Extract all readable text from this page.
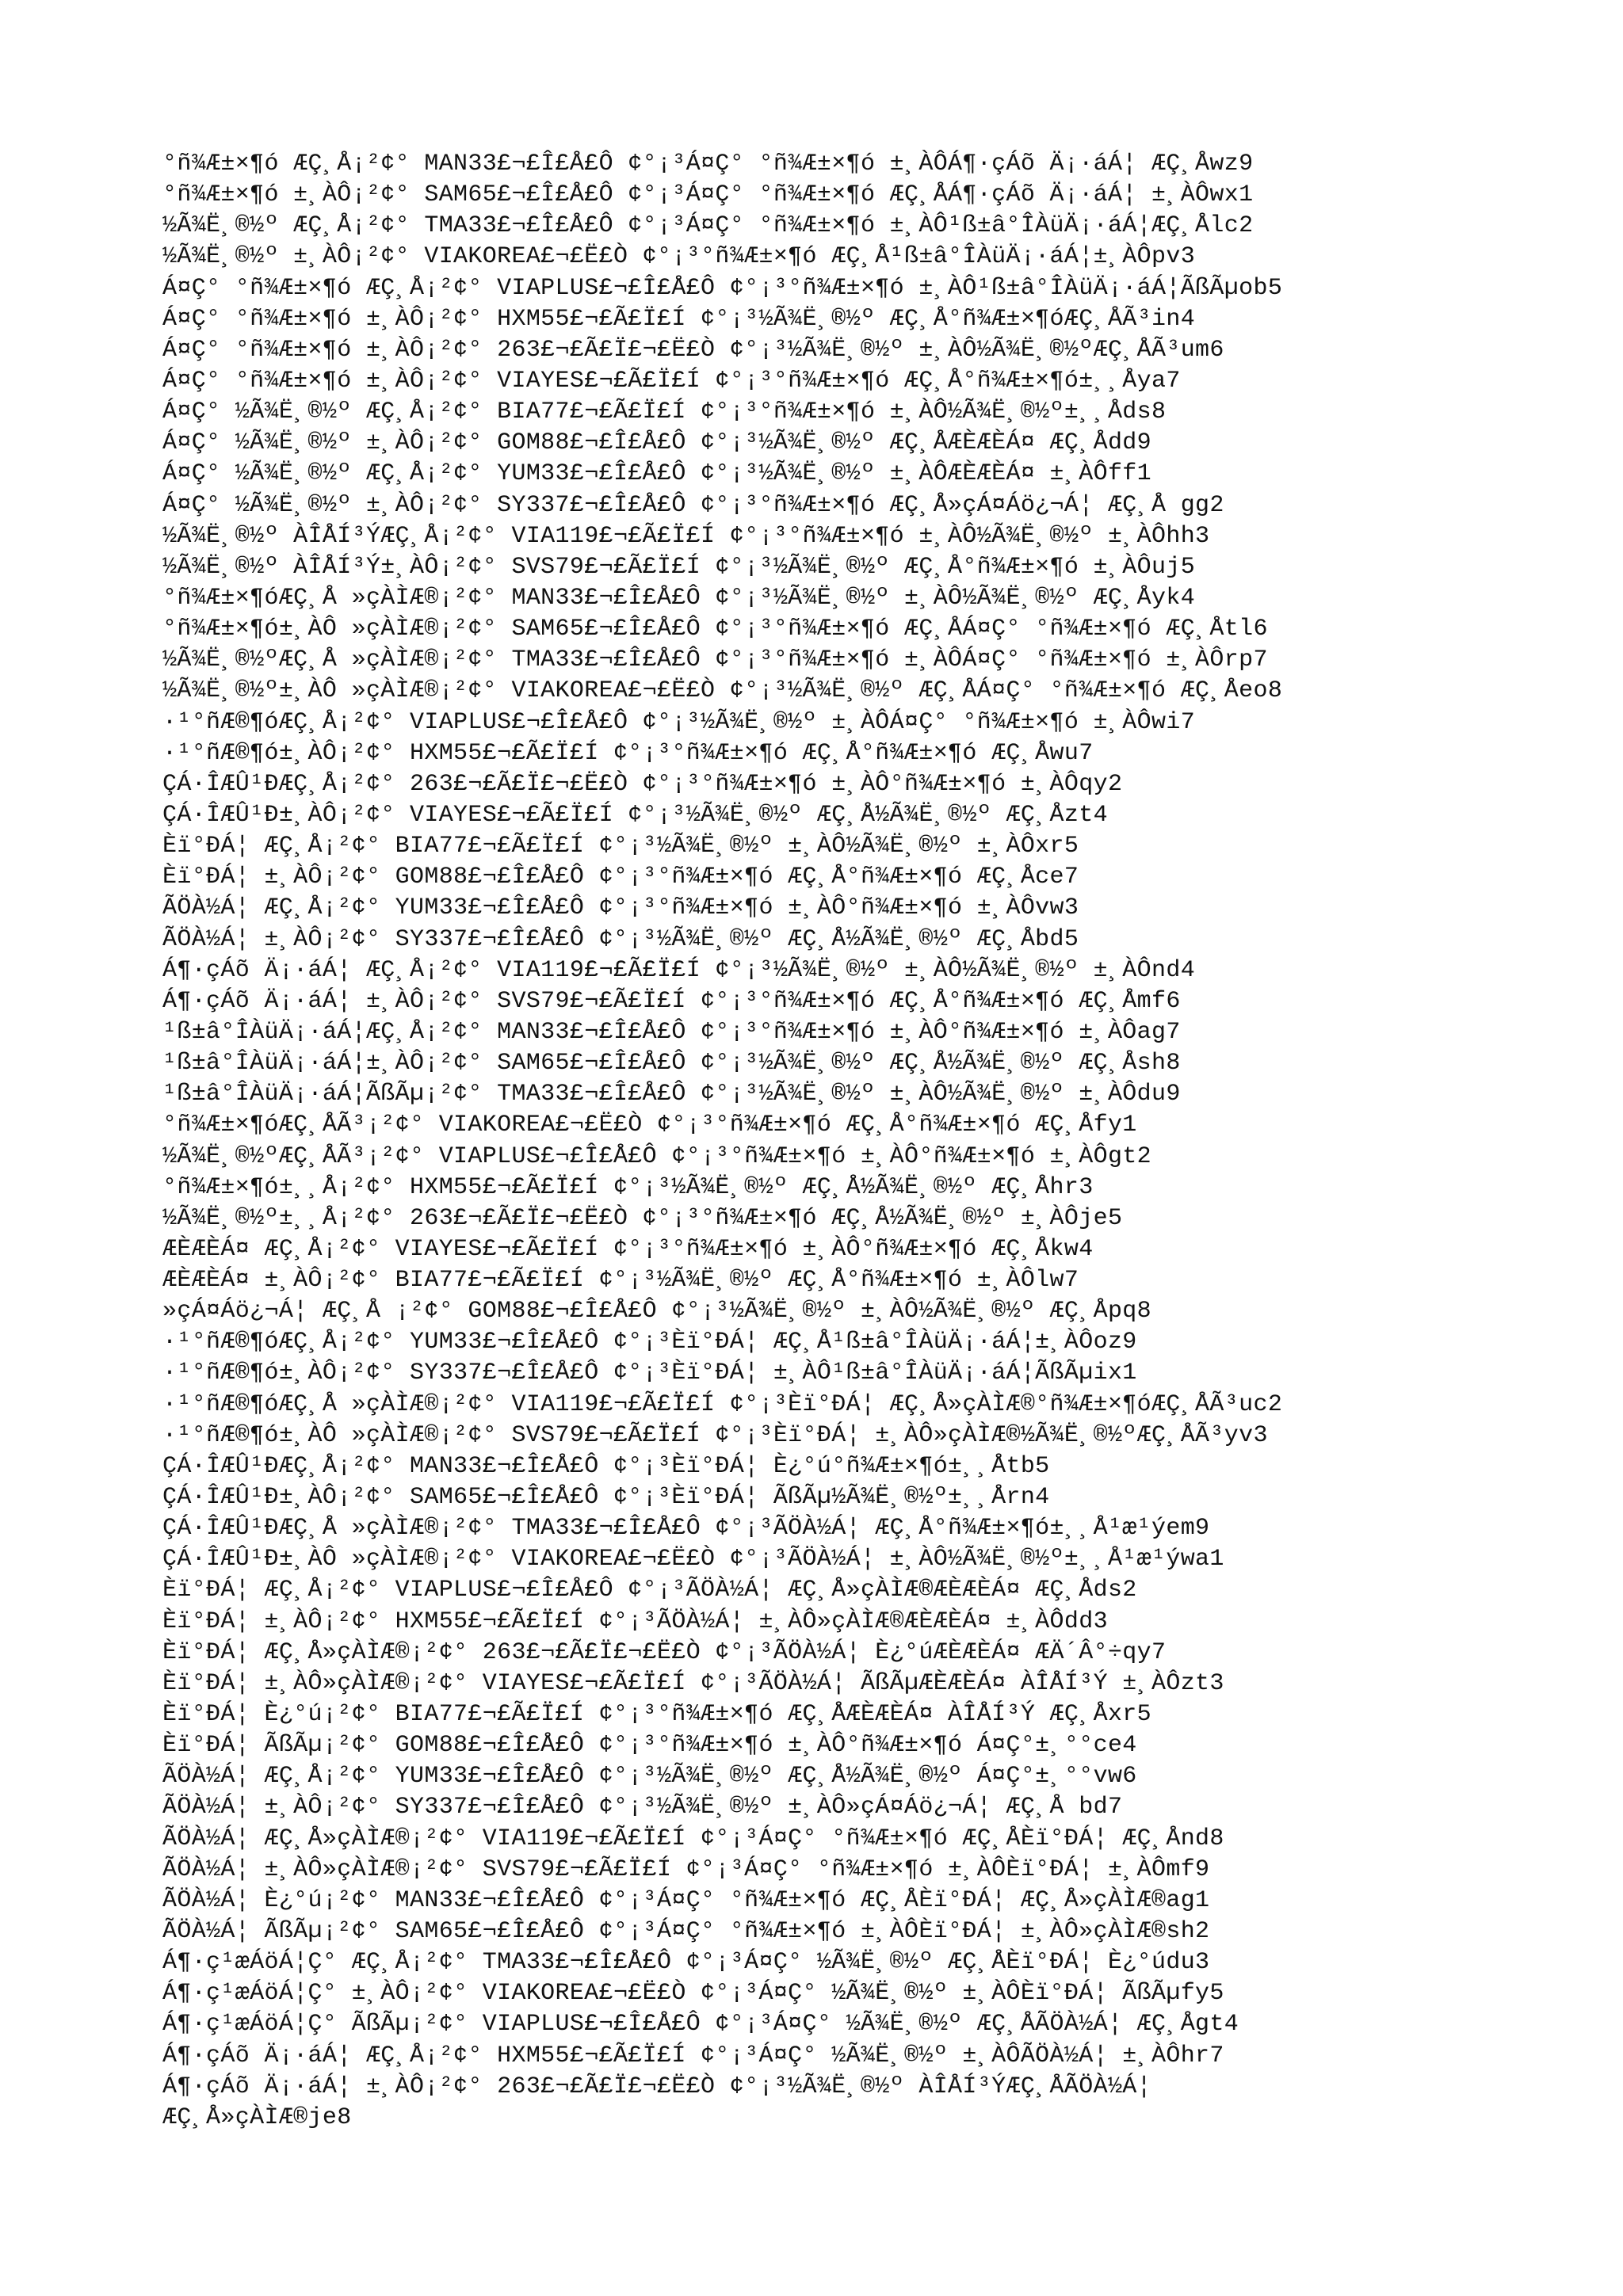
°ñ¾Æ±×¶ó ÆÇ¸Å¡²¢° MAN33£¬£Î£Å£Ô ¢°¡³Á¤Ç° °ñ¾Æ±×¶ó ±¸ÀÔÁ¶·çÁõ Ä¡·áÁ¦ ÆÇ¸Åwz9
°ñ¾Æ±×¶ó ±¸ÀÔ¡²¢° SAM65£¬£Î£Å£Ô ¢°¡³Á¤Ç° °ñ¾Æ±×¶ó ÆÇ¸ÅÁ¶·çÁõ Ä¡·áÁ¦ ±¸ÀÔwx1
½Ã¾Ë¸®½º ÆÇ¸Å¡²¢° TMA33£¬£Î£Å£Ô ¢°¡³Á¤Ç° °ñ¾Æ±×¶ó ±¸ÀÔ¹ß±â°ÎÀüÄ¡·áÁ¦ÆÇ¸Ålc2
½Ã¾Ë¸®½º ±¸ÀÔ¡²¢° VIAKOREA£¬£Ë£Ò ¢°¡³°ñ¾Æ±×¶ó ÆÇ¸Å¹ß±â°ÎÀüÄ¡·áÁ¦±¸ÀÔpv3
Á¤Ç° °ñ¾Æ±×¶ó ÆÇ¸Å¡²¢° VIAPLUS£¬£Î£Å£Ô ¢°¡³°ñ¾Æ±×¶ó ±¸ÀÔ¹ß±â°ÎÀüÄ¡·áÁ¦ÃßÃµob5
Á¤Ç° °ñ¾Æ±×¶ó ±¸ÀÔ¡²¢° HXM55£¬£Ã£Ï£Í ¢°¡³½Ã¾Ë¸®½º ÆÇ¸Å°ñ¾Æ±×¶óÆÇ¸ÅÃ³in4
Á¤Ç° °ñ¾Æ±×¶ó ±¸ÀÔ¡²¢° 263£¬£Ã£Ï£¬£Ë£Ò ¢°¡³½Ã¾Ë¸®½º ±¸ÀÔ½Ã¾Ë¸®½ºÆÇ¸ÅÃ³um6
Á¤Ç° °ñ¾Æ±×¶ó ±¸ÀÔ¡²¢° VIAYES£¬£Ã£Ï£Í ¢°¡³°ñ¾Æ±×¶ó ÆÇ¸Å°ñ¾Æ±×¶ó±¸¸Åya7
Á¤Ç° ½Ã¾Ë¸®½º ÆÇ¸Å¡²¢° BIA77£¬£Ã£Ï£Í ¢°¡³°ñ¾Æ±×¶ó ±¸ÀÔ½Ã¾Ë¸®½º±¸¸Åds8
Á¤Ç° ½Ã¾Ë¸®½º ±¸ÀÔ¡²¢° GOM88£¬£Î£Å£Ô ¢°¡³½Ã¾Ë¸®½º ÆÇ¸ÅÆÈÆÈÁ¤ ÆÇ¸Ådd9
Á¤Ç° ½Ã¾Ë¸®½º ÆÇ¸Å¡²¢° YUM33£¬£Î£Å£Ô ¢°¡³½Ã¾Ë¸®½º ±¸ÀÔÆÈÆÈÁ¤ ±¸ÀÔff1
Á¤Ç° ½Ã¾Ë¸®½º ±¸ÀÔ¡²¢° SY337£¬£Î£Å£Ô ¢°¡³°ñ¾Æ±×¶ó ÆÇ¸Å»çÁ¤Áö¿¬Á¦ ÆÇ¸Å gg2
½Ã¾Ë¸®½º ÀÎÅÍ³ÝÆÇ¸Å¡²¢° VIA119£¬£Ã£Ï£Í ¢°¡³°ñ¾Æ±×¶ó ±¸ÀÔ½Ã¾Ë¸®½º ±¸ÀÔhh3
½Ã¾Ë¸®½º ÀÎÅÍ³Ý±¸ÀÔ¡²¢° SVS79£¬£Ã£Ï£Í ¢°¡³½Ã¾Ë¸®½º ÆÇ¸Å°ñ¾Æ±×¶ó ±¸ÀÔuj5
°ñ¾Æ±×¶óÆÇ¸Å »çÀÌÆ®¡²¢° MAN33£¬£Î£Å£Ô ¢°¡³½Ã¾Ë¸®½º ±¸ÀÔ½Ã¾Ë¸®½º ÆÇ¸Åyk4
°ñ¾Æ±×¶ó±¸ÀÔ »çÀÌÆ®¡²¢° SAM65£¬£Î£Å£Ô ¢°¡³°ñ¾Æ±×¶ó ÆÇ¸ÅÁ¤Ç° °ñ¾Æ±×¶ó ÆÇ¸Åtl6
½Ã¾Ë¸®½ºÆÇ¸Å »çÀÌÆ®¡²¢° TMA33£¬£Î£Å£Ô ¢°¡³°ñ¾Æ±×¶ó ±¸ÀÔÁ¤Ç° °ñ¾Æ±×¶ó ±¸ÀÔrp7
½Ã¾Ë¸®½º±¸ÀÔ »çÀÌÆ®¡²¢° VIAKOREA£¬£Ë£Ò ¢°¡³½Ã¾Ë¸®½º ÆÇ¸ÅÁ¤Ç° °ñ¾Æ±×¶ó ÆÇ¸Åeo8
·¹°ñÆ®¶óÆÇ¸Å¡²¢° VIAPLUS£¬£Î£Å£Ô ¢°¡³½Ã¾Ë¸®½º ±¸ÀÔÁ¤Ç° °ñ¾Æ±×¶ó ±¸ÀÔwi7
·¹°ñÆ®¶ó±¸ÀÔ¡²¢° HXM55£¬£Ã£Ï£Í ¢°¡³°ñ¾Æ±×¶ó ÆÇ¸Å°ñ¾Æ±×¶ó ÆÇ¸Åwu7
ÇÁ·ÎÆÛ¹ÐÆÇ¸Å¡²¢° 263£¬£Ã£Ï£¬£Ë£Ò ¢°¡³°ñ¾Æ±×¶ó ±¸ÀÔ°ñ¾Æ±×¶ó ±¸ÀÔqy2
ÇÁ·ÎÆÛ¹Ð±¸ÀÔ¡²¢° VIAYES£¬£Ã£Ï£Í ¢°¡³½Ã¾Ë¸®½º ÆÇ¸Å½Ã¾Ë¸®½º ÆÇ¸Åzt4
Èï°ÐÁ¦ ÆÇ¸Å¡²¢° BIA77£¬£Ã£Ï£Í ¢°¡³½Ã¾Ë¸®½º ±¸ÀÔ½Ã¾Ë¸®½º ±¸ÀÔxr5
Èï°ÐÁ¦ ±¸ÀÔ¡²¢° GOM88£¬£Î£Å£Ô ¢°¡³°ñ¾Æ±×¶ó ÆÇ¸Å°ñ¾Æ±×¶ó ÆÇ¸Åce7
ÃÖÀ½Á¦ ÆÇ¸Å¡²¢° YUM33£¬£Î£Å£Ô ¢°¡³°ñ¾Æ±×¶ó ±¸ÀÔ°ñ¾Æ±×¶ó ±¸ÀÔvw3
ÃÖÀ½Á¦ ±¸ÀÔ¡²¢° SY337£¬£Î£Å£Ô ¢°¡³½Ã¾Ë¸®½º ÆÇ¸Å½Ã¾Ë¸®½º ÆÇ¸Åbd5
Á¶·çÁõ Ä¡·áÁ¦ ÆÇ¸Å¡²¢° VIA119£¬£Ã£Ï£Í ¢°¡³½Ã¾Ë¸®½º ±¸ÀÔ½Ã¾Ë¸®½º ±¸ÀÔnd4
Á¶·çÁõ Ä¡·áÁ¦ ±¸ÀÔ¡²¢° SVS79£¬£Ã£Ï£Í ¢°¡³°ñ¾Æ±×¶ó ÆÇ¸Å°ñ¾Æ±×¶ó ÆÇ¸Åmf6
¹ß±â°ÎÀüÄ¡·áÁ¦ÆÇ¸Å¡²¢° MAN33£¬£Î£Å£Ô ¢°¡³°ñ¾Æ±×¶ó ±¸ÀÔ°ñ¾Æ±×¶ó ±¸ÀÔag7
¹ß±â°ÎÀüÄ¡·áÁ¦±¸ÀÔ¡²¢° SAM65£¬£Î£Å£Ô ¢°¡³½Ã¾Ë¸®½º ÆÇ¸Å½Ã¾Ë¸®½º ÆÇ¸Åsh8
¹ß±â°ÎÀüÄ¡·áÁ¦ÃßÃµ¡²¢° TMA33£¬£Î£Å£Ô ¢°¡³½Ã¾Ë¸®½º ±¸ÀÔ½Ã¾Ë¸®½º ±¸ÀÔdu9
°ñ¾Æ±×¶óÆÇ¸ÅÃ³¡²¢° VIAKOREA£¬£Ë£Ò ¢°¡³°ñ¾Æ±×¶ó ÆÇ¸Å°ñ¾Æ±×¶ó ÆÇ¸Åfy1
½Ã¾Ë¸®½ºÆÇ¸ÅÃ³¡²¢° VIAPLUS£¬£Î£Å£Ô ¢°¡³°ñ¾Æ±×¶ó ±¸ÀÔ°ñ¾Æ±×¶ó ±¸ÀÔgt2
°ñ¾Æ±×¶ó±¸¸Å¡²¢° HXM55£¬£Ã£Ï£Í ¢°¡³½Ã¾Ë¸®½º ÆÇ¸Å½Ã¾Ë¸®½º ÆÇ¸Åhr3
½Ã¾Ë¸®½º±¸¸Å¡²¢° 263£¬£Ã£Ï£¬£Ë£Ò ¢°¡³°ñ¾Æ±×¶ó ÆÇ¸Å½Ã¾Ë¸®½º ±¸ÀÔje5
ÆÈÆÈÁ¤ ÆÇ¸Å¡²¢° VIAYES£¬£Ã£Ï£Í ¢°¡³°ñ¾Æ±×¶ó ±¸ÀÔ°ñ¾Æ±×¶ó ÆÇ¸Åkw4
ÆÈÆÈÁ¤ ±¸ÀÔ¡²¢° BIA77£¬£Ã£Ï£Í ¢°¡³½Ã¾Ë¸®½º ÆÇ¸Å°ñ¾Æ±×¶ó ±¸ÀÔlw7
»çÁ¤Áö¿¬Á¦ ÆÇ¸Å ¡²¢° GOM88£¬£Î£Å£Ô ¢°¡³½Ã¾Ë¸®½º ±¸ÀÔ½Ã¾Ë¸®½º ÆÇ¸Åpq8
·¹°ñÆ®¶óÆÇ¸Å¡²¢° YUM33£¬£Î£Å£Ô ¢°¡³Èï°ÐÁ¦ ÆÇ¸Å¹ß±â°ÎÀüÄ¡·áÁ¦±¸ÀÔoz9
·¹°ñÆ®¶ó±¸ÀÔ¡²¢° SY337£¬£Î£Å£Ô ¢°¡³Èï°ÐÁ¦ ±¸ÀÔ¹ß±â°ÎÀüÄ¡·áÁ¦ÃßÃµix1
·¹°ñÆ®¶óÆÇ¸Å »çÀÌÆ®¡²¢° VIA119£¬£Ã£Ï£Í ¢°¡³Èï°ÐÁ¦ ÆÇ¸Å»çÀÌÆ®°ñ¾Æ±×¶óÆÇ¸ÅÃ³uc2
·¹°ñÆ®¶ó±¸ÀÔ »çÀÌÆ®¡²¢° SVS79£¬£Ã£Ï£Í ¢°¡³Èï°ÐÁ¦ ±¸ÀÔ»çÀÌÆ®½Ã¾Ë¸®½ºÆÇ¸ÅÃ³yv3
ÇÁ·ÎÆÛ¹ÐÆÇ¸Å¡²¢° MAN33£¬£Î£Å£Ô ¢°¡³Èï°ÐÁ¦ È¿°ú°ñ¾Æ±×¶ó±¸¸Åtb5
ÇÁ·ÎÆÛ¹Ð±¸ÀÔ¡²¢° SAM65£¬£Î£Å£Ô ¢°¡³Èï°ÐÁ¦ ÃßÃµ½Ã¾Ë¸®½º±¸¸Årn4
ÇÁ·ÎÆÛ¹ÐÆÇ¸Å »çÀÌÆ®¡²¢° TMA33£¬£Î£Å£Ô ¢°¡³ÃÖÀ½Á¦ ÆÇ¸Å°ñ¾Æ±×¶ó±¸¸Å¹æ¹ýem9
ÇÁ·ÎÆÛ¹Ð±¸ÀÔ »çÀÌÆ®¡²¢° VIAKOREA£¬£Ë£Ò ¢°¡³ÃÖÀ½Á¦ ±¸ÀÔ½Ã¾Ë¸®½º±¸¸Å¹æ¹ýwa1
Èï°ÐÁ¦ ÆÇ¸Å¡²¢° VIAPLUS£¬£Î£Å£Ô ¢°¡³ÃÖÀ½Á¦ ÆÇ¸Å»çÀÌÆ®ÆÈÆÈÁ¤ ÆÇ¸Åds2
Èï°ÐÁ¦ ±¸ÀÔ¡²¢° HXM55£¬£Ã£Ï£Í ¢°¡³ÃÖÀ½Á¦ ±¸ÀÔ»çÀÌÆ®ÆÈÆÈÁ¤ ±¸ÀÔdd3
Èï°ÐÁ¦ ÆÇ¸Å»çÀÌÆ®¡²¢° 263£¬£Ã£Ï£¬£Ë£Ò ¢°¡³ÃÖÀ½Á¦ È¿°úÆÈÆÈÁ¤ ÆÄ´Â°÷qy7
Èï°ÐÁ¦ ±¸ÀÔ»çÀÌÆ®¡²¢° VIAYES£¬£Ã£Ï£Í ¢°¡³ÃÖÀ½Á¦ ÃßÃµÆÈÆÈÁ¤ ÀÎÅÍ³Ý ±¸ÀÔzt3
Èï°ÐÁ¦ È¿°ú¡²¢° BIA77£¬£Ã£Ï£Í ¢°¡³°ñ¾Æ±×¶ó ÆÇ¸ÅÆÈÆÈÁ¤ ÀÎÅÍ³Ý ÆÇ¸Åxr5
Èï°ÐÁ¦ ÃßÃµ¡²¢° GOM88£¬£Î£Å£Ô ¢°¡³°ñ¾Æ±×¶ó ±¸ÀÔ°ñ¾Æ±×¶ó Á¤Ç°±¸°°ce4
ÃÖÀ½Á¦ ÆÇ¸Å¡²¢° YUM33£¬£Î£Å£Ô ¢°¡³½Ã¾Ë¸®½º ÆÇ¸Å½Ã¾Ë¸®½º Á¤Ç°±¸°°vw6
ÃÖÀ½Á¦ ±¸ÀÔ¡²¢° SY337£¬£Î£Å£Ô ¢°¡³½Ã¾Ë¸®½º ±¸ÀÔ»çÁ¤Áö¿¬Á¦ ÆÇ¸Å bd7
ÃÖÀ½Á¦ ÆÇ¸Å»çÀÌÆ®¡²¢° VIA119£¬£Ã£Ï£Í ¢°¡³Á¤Ç° °ñ¾Æ±×¶ó ÆÇ¸ÅÈï°ÐÁ¦ ÆÇ¸Ånd8
ÃÖÀ½Á¦ ±¸ÀÔ»çÀÌÆ®¡²¢° SVS79£¬£Ã£Ï£Í ¢°¡³Á¤Ç° °ñ¾Æ±×¶ó ±¸ÀÔÈï°ÐÁ¦ ±¸ÀÔmf9
ÃÖÀ½Á¦ È¿°ú¡²¢° MAN33£¬£Î£Å£Ô ¢°¡³Á¤Ç° °ñ¾Æ±×¶ó ÆÇ¸ÅÈï°ÐÁ¦ ÆÇ¸Å»çÀÌÆ®ag1
ÃÖÀ½Á¦ ÃßÃµ¡²¢° SAM65£¬£Î£Å£Ô ¢°¡³Á¤Ç° °ñ¾Æ±×¶ó ±¸ÀÔÈï°ÐÁ¦ ±¸ÀÔ»çÀÌÆ®sh2
Á¶·ç¹æÁöÁ¦Ç° ÆÇ¸Å¡²¢° TMA33£¬£Î£Å£Ô ¢°¡³Á¤Ç° ½Ã¾Ë¸®½º ÆÇ¸ÅÈï°ÐÁ¦ È¿°údu3
Á¶·ç¹æÁöÁ¦Ç° ±¸ÀÔ¡²¢° VIAKOREA£¬£Ë£Ò ¢°¡³Á¤Ç° ½Ã¾Ë¸®½º ±¸ÀÔÈï°ÐÁ¦ ÃßÃµfy5
Á¶·ç¹æÁöÁ¦Ç° ÃßÃµ¡²¢° VIAPLUS£¬£Î£Å£Ô ¢°¡³Á¤Ç° ½Ã¾Ë¸®½º ÆÇ¸ÅÃÖÀ½Á¦ ÆÇ¸Ågt4
Á¶·çÁõ Ä¡·áÁ¦ ÆÇ¸Å¡²¢° HXM55£¬£Ã£Ï£Í ¢°¡³Á¤Ç° ½Ã¾Ë¸®½º ±¸ÀÔÃÖÀ½Á¦ ±¸ÀÔhr7
Á¶·çÁõ Ä¡·áÁ¦ ±¸ÀÔ¡²¢° 263£¬£Ã£Ï£¬£Ë£Ò ¢°¡³½Ã¾Ë¸®½º ÀÎÅÍ³ÝÆÇ¸ÅÃÖÀ½Á¦
ÆÇ¸Å»çÀÌÆ®je8
